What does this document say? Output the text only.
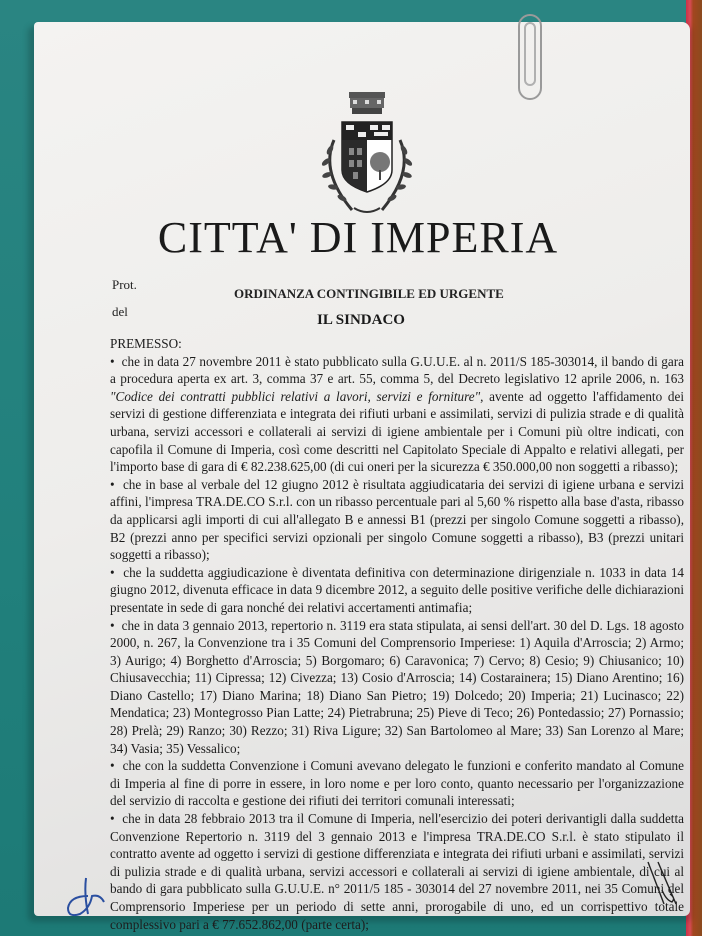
CITTA' DI IMPERIA
Prot.
ORDINANZA CONTINGIBILE ED URGENTE
del
IL SINDACO

PREMESSO:

•  che in data 27 novembre 2011 è stato pubblicato sulla G.U.U.E. al n. 2011/S 185-303014, il bando di gara a procedura aperta ex art. 3, comma 37 e art. 55, comma 5, del Decreto legislativo 12 aprile 2006, n. 163 "Codice dei contratti pubblici relativi a lavori, servizi e forniture", avente ad oggetto l'affidamento dei servizi di gestione differenziata e integrata dei rifiuti urbani e assimilati, servizi di pulizia strade e di qualità urbana, servizi accessori e collaterali ai servizi di igiene ambientale per i Comuni più oltre indicati, con capofila il Comune di Imperia, così come descritti nel Capitolato Speciale di Appalto e relativi allegati, per l'importo base di gara di € 82.238.625,00 (di cui oneri per la sicurezza € 350.000,00 non soggetti a ribasso);

•  che in base al verbale del 12 giugno 2012 è risultata aggiudicataria dei servizi di igiene urbana e servizi affini, l'impresa TRA.DE.CO S.r.l. con un ribasso percentuale pari al 5,60 % rispetto alla base d'asta, ribasso da applicarsi agli importi di cui all'allegato B e annessi B1 (prezzi per singolo Comune soggetti a ribasso), B2 (prezzi anno per specifici servizi opzionali per singolo Comune soggetti a ribasso), B3 (prezzi unitari soggetti a ribasso);

•  che la suddetta aggiudicazione è diventata definitiva con determinazione dirigenziale n. 1033 in data 14 giugno 2012, divenuta efficace in data 9 dicembre 2012, a seguito delle positive verifiche delle dichiarazioni presentate in sede di gara nonché dei relativi accertamenti antimafia;

•  che in data 3 gennaio 2013, repertorio n. 3119 era stata stipulata, ai sensi dell'art. 30 del D. Lgs. 18 agosto 2000, n. 267, la Convenzione tra i 35 Comuni del Comprensorio Imperiese: 1) Aquila d'Arroscia; 2) Armo; 3) Aurigo; 4) Borghetto d'Arroscia; 5) Borgomaro; 6) Caravonica; 7) Cervo; 8) Cesio; 9) Chiusanico; 10) Chiusavecchia; 11) Cipressa; 12) Civezza; 13) Cosio d'Arroscia; 14) Costarainera; 15) Diano Arentino; 16) Diano Castello; 17) Diano Marina; 18) Diano San Pietro; 19) Dolcedo; 20) Imperia; 21) Lucinasco; 22) Mendatica; 23) Montegrosso Pian Latte; 24) Pietrabruna; 25) Pieve di Teco; 26) Pontedassio; 27) Pornassio; 28) Prelà; 29) Ranzo; 30) Rezzo; 31) Riva Ligure; 32) San Bartolomeo al Mare; 33) San Lorenzo al Mare; 34) Vasia; 35) Vessalico;

•  che con la suddetta Convenzione i Comuni avevano delegato le funzioni e conferito mandato al Comune di Imperia al fine di porre in essere, in loro nome e per loro conto, quanto necessario per l'organizzazione del servizio di raccolta e gestione dei rifiuti dei territori comunali interessati;

•  che in data 28 febbraio 2013 tra il Comune di Imperia, nell'esercizio dei poteri derivantigli dalla suddetta Convenzione Repertorio n. 3119 del 3 gennaio 2013 e l'impresa TRA.DE.CO S.r.l. è stato stipulato il contratto avente ad oggetto i servizi di gestione differenziata e integrata dei rifiuti urbani e assimilati, servizi di pulizia strade e di qualità urbana, servizi accessori e collaterali ai servizi di igiene ambientale, di cui al bando di gara pubblicato sulla G.U.U.E. n° 2011/5 185 - 303014 del 27 novembre 2011, nei 35 Comuni del Comprensorio Imperiese per un periodo di sette anni, prorogabile di uno, ed un corrispettivo totale complessivo pari a € 77.652.862,00 (parte certa);
